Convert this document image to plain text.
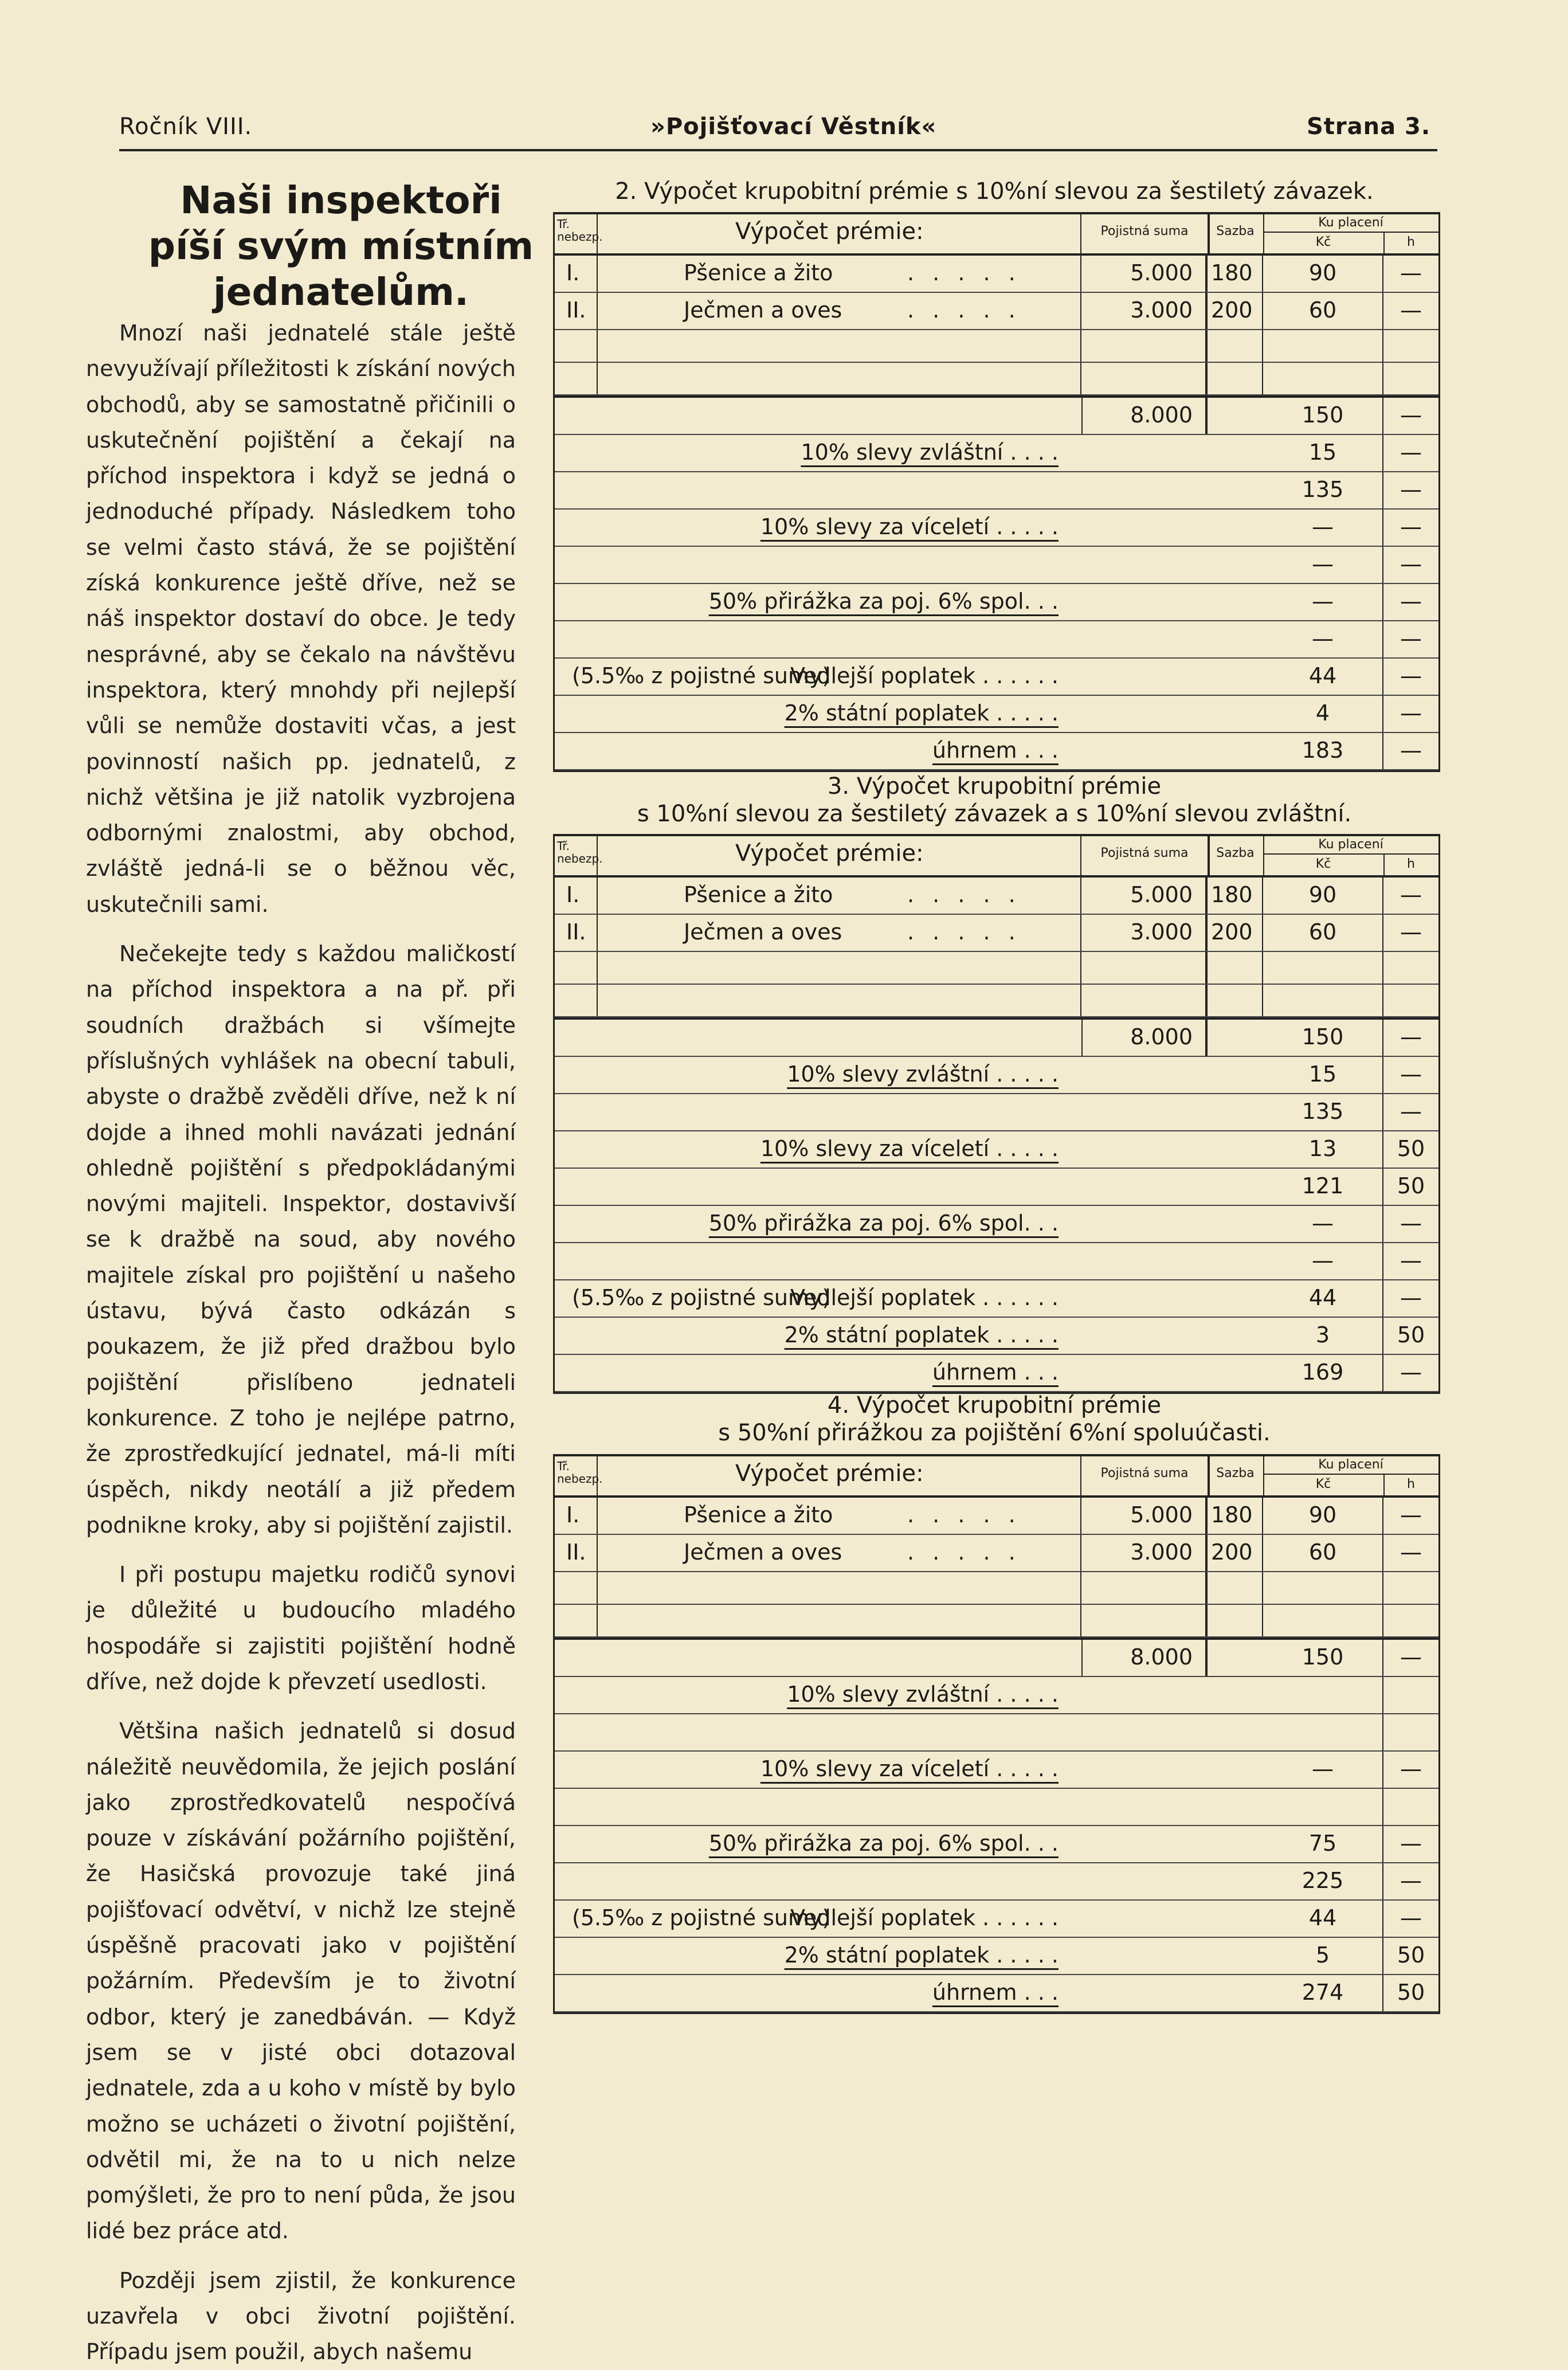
Ročník VIII.	»Pojišťovací Věstník«	Strana 3.
Naši inspektoři
píší svým místním
jednatelům.

Mnozí naši jednatelé stále ještě nevyužívají příležitosti k získání nových obchodů, aby se samostatně přičinili o uskutečnění pojištění a čekají na příchod inspektora i když se jedná o jednoduché případy. Následkem toho se velmi často stává, že se pojištění získá konkurence ještě dříve, než se náš inspektor dostaví do obce. Je tedy nesprávné, aby se čekalo na návštěvu inspektora, který mnohdy při nejlepší vůli se nemůže dostaviti včas, a jest povinností našich pp. jednatelů, z nichž většina je již natolik vyzbrojena odbornými znalostmi, aby obchod, zvláště jedná-li se o běžnou věc, uskutečnili sami.

Nečekejte tedy s každou maličkostí na příchod inspektora a na př. při soudních dražbách si všímejte příslušných vyhlášek na obecní tabuli, abyste o dražbě zvěděli dříve, než k ní dojde a ihned mohli navázati jednání ohledně pojištění s předpokládanými novými majiteli. Inspektor, dostavivší se k dražbě na soud, aby nového majitele získal pro pojištění u našeho ústavu, bývá často odkázán s poukazem, že již před dražbou bylo pojištění přislíbeno jednateli konkurence. Z toho je nejlépe patrno, že zprostředkující jednatel, má-li míti úspěch, nikdy neotálí a již předem podnikne kroky, aby si pojištění zajistil.

I při postupu majetku rodičů synovi je důležité u budoucího mladého hospodáře si zajistiti pojištění hodně dříve, než dojde k převzetí usedlosti.

Většina našich jednatelů si dosud náležitě neuvědomila, že jejich poslání jako zprostředkovatelů nespočívá pouze v získávání požárního pojištění, že Hasičská provozuje také jiná pojišťovací odvětví, v nichž lze stejně úspěšně pracovati jako v pojištění požárním. Především je to životní odbor, který je zanedbáván. — Když jsem se v jisté obci dotazoval jednatele, zda a u koho v místě by bylo možno se ucházeti o životní pojištění, odvětil mi, že na to u nich nelze pomýšleti, že pro to není půda, že jsou lidé bez práce atd.

Později jsem zjistil, že konkurence uzavřela v obci životní pojištění. Případu jsem použil, abych našemu

2. Výpočet krupobitní prémie s 10%ní slevou za šestiletý závazek.
Tř. nebezp.	Výpočet prémie:	Pojistná suma	Sazba
Ku placení
Kč	h
I.	Pšenice a žito	. . . . .	5.000 180	90	—
II.	Ječmen a oves	. . . . .	3.000 200	60	—
8.000	150	—
10% slevy zvláštní . . . .	15	—
135	—
10% slevy za víceletí . . . . .	—	—
—	—
50% přirážka za poj. 6% spol. . .	—	—
—	—
(5.5‰ z pojistné sumy)
Vedlejší poplatek . . . . . .	44	—
2% státní poplatek . . . . .	4	—
úhrnem . . .	183	—
3. Výpočet krupobitní prémie
s 10%ní slevou za šestiletý závazek a s 10%ní slevou zvláštní.
Tř. nebezp.	Výpočet prémie:	Pojistná suma	Sazba
Ku placení
Kč	h
I.	Pšenice a žito	. . . . .	5.000 180	90	—
II.	Ječmen a oves	. . . . .	3.000 200	60	—
8.000	150	—
10% slevy zvláštní . . . . .	15	—
135	—
10% slevy za víceletí . . . . .	13	50
121	50
50% přirážka za poj. 6% spol. . .	—	—
—	—
(5.5‰ z pojistné sumy)
Vedlejší poplatek . . . . . .	44	—
2% státní poplatek . . . . .	3	50
úhrnem . . .	169	—
4. Výpočet krupobitní prémie
s 50%ní přirážkou za pojištění 6%ní spoluúčasti.
Tř. nebezp.	Výpočet prémie:	Pojistná suma	Sazba
Ku placení
Kč	h
I.	Pšenice a žito	. . . . .	5.000 180	90	—
II.	Ječmen a oves	. . . . .	3.000 200	60	—
8.000	150	—
10% slevy zvláštní . . . . .
10% slevy za víceletí . . . . .	—	—
50% přirážka za poj. 6% spol. . .	75	—
225	—
(5.5‰ z pojistné sumy)
Vedlejší poplatek . . . . . .	44	—
2% státní poplatek . . . . .	5	50
úhrnem . . .	274	50
